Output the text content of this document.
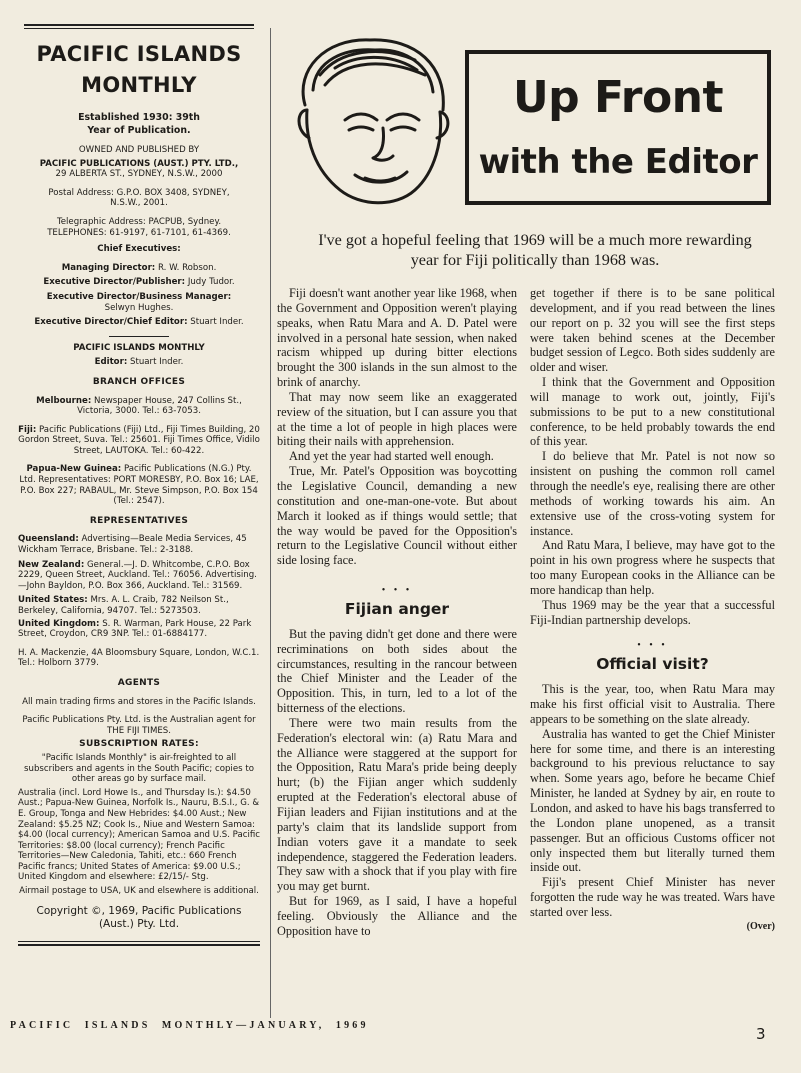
PACIFIC ISLANDS
MONTHLY
Established 1930: 39th
Year of Publication.

OWNED AND PUBLISHED BY

PACIFIC PUBLICATIONS (AUST.) PTY. LTD.,

29 ALBERTA ST., SYDNEY, N.S.W., 2000

Postal Address: G.P.O. BOX 3408, SYDNEY,
N.S.W., 2001.

Telegraphic Address: PACPUB, Sydney.

TELEPHONES: 61-9197, 61-7101, 61-4369.

Chief Executives:

Managing Director: R. W. Robson.

Executive Director/Publisher: Judy Tudor.

Executive Director/Business Manager:
Selwyn Hughes.

Executive Director/Chief Editor: Stuart Inder.

PACIFIC ISLANDS MONTHLY

Editor: Stuart Inder.

BRANCH OFFICES

Melbourne: Newspaper House, 247 Collins St., Victoria, 3000. Tel.: 63-7053.

Fiji: Pacific Publications (Fiji) Ltd., Fiji Times Building, 20 Gordon Street, Suva. Tel.: 25601. Fiji Times Office, Vidilo Street, LAUTOKA. Tel.: 60-422.

Papua-New Guinea: Pacific Publications (N.G.) Pty. Ltd. Representatives: PORT MORESBY, P.O. Box 16; LAE, P.O. Box 227; RABAUL, Mr. Steve Simpson, P.O. Box 154 (Tel.: 2547).

REPRESENTATIVES

Queensland: Advertising—Beale Media Services, 45 Wickham Terrace, Brisbane. Tel.: 2-3188.

New Zealand: General.—J. D. Whitcombe, C.P.O. Box 2229, Queen Street, Auckland. Tel.: 76056. Advertising.—John Bayldon, P.O. Box 366, Auckland. Tel.: 31569.

United States: Mrs. A. L. Craib, 782 Neilson St., Berkeley, California, 94707. Tel.: 5273503.

United Kingdom: S. R. Warman, Park House, 22 Park Street, Croydon, CR9 3NP. Tel.: 01-6884177.

H. A. Mackenzie, 4A Bloomsbury Square, London, W.C.1. Tel.: Holborn 3779.

AGENTS

All main trading firms and stores in the Pacific Islands.

Pacific Publications Pty. Ltd. is the Australian agent for THE FIJI TIMES.

SUBSCRIPTION RATES:

"Pacific Islands Monthly" is air-freighted to all subscribers and agents in the South Pacific; copies to other areas go by surface mail.

Australia (incl. Lord Howe Is., and Thursday Is.): $4.50 Aust.; Papua-New Guinea, Norfolk Is., Nauru, B.S.I., G. & E. Group, Tonga and New Hebrides: $4.00 Aust.; New Zealand: $5.25 NZ; Cook Is., Niue and Western Samoa: $4.00 (local currency); American Samoa and U.S. Pacific Territories: $8.00 (local currency); French Pacific Territories—New Caledonia, Tahiti, etc.: 660 French Pacific francs; United States of America: $9.00 U.S.; United Kingdom and elsewhere: £2/15/- Stg.

Airmail postage to USA, UK and elsewhere is additional.

Copyright ©, 1969, Pacific Publications (Aust.) Pty. Ltd.

Up Front
with the Editor
I've got a hopeful feeling that 1969 will be a much more rewarding year for Fiji politically than 1968 was.

Fiji doesn't want another year like 1968, when the Government and Opposition weren't playing speaks, when Ratu Mara and A. D. Patel were involved in a personal hate session, when naked racism whipped up during bitter elections brought the 300 islands in the sun almost to the brink of anarchy.

That may now seem like an exaggerated review of the situation, but I can assure you that at the time a lot of people in high places were biting their nails with apprehension.

And yet the year had started well enough.

True, Mr. Patel's Opposition was boycotting the Legislative Council, demanding a new constitution and one-man-one-vote. But about March it looked as if things would settle; that the way would be paved for the Opposition's return to the Legislative Council without either side losing face.

• • •

Fijian anger

But the paving didn't get done and there were recriminations on both sides about the circumstances, resulting in the rancour between the Chief Minister and the Leader of the Opposition. This, in turn, led to a lot of the bitterness of the elections.

There were two main results from the Federation's electoral win: (a) Ratu Mara and the Alliance were staggered at the support for the Opposition, Ratu Mara's pride being deeply hurt; (b) the Fijian anger which suddenly erupted at the Federation's electoral abuse of Fijian leaders and Fijian institutions and at the party's claim that its landslide support from Indian voters gave it a mandate to seek independence, staggered the Federation leaders. They saw with a shock that if you play with fire you may get burnt.

But for 1969, as I said, I have a hopeful feeling. Obviously the Alliance and the Opposition have to

get together if there is to be sane political development, and if you read between the lines our report on p. 32 you will see the first steps were taken behind scenes at the December budget session of Legco. Both sides suddenly are older and wiser.

I think that the Government and Opposition will manage to work out, jointly, Fiji's submissions to be put to a new constitutional conference, to be held probably towards the end of this year.

I do believe that Mr. Patel is not now so insistent on pushing the common roll camel through the needle's eye, realising there are other methods of working towards his aim. An extensive use of the cross-voting system for instance.

And Ratu Mara, I believe, may have got to the point in his own progress where he suspects that too many European cooks in the Alliance can be more handicap than help.

Thus 1969 may be the year that a successful Fiji-Indian partnership develops.

• • •

Official visit?

This is the year, too, when Ratu Mara may make his first official visit to Australia. There appears to be something on the slate already.

Australia has wanted to get the Chief Minister here for some time, and there is an interesting background to his previous reluctance to say when. Some years ago, before he became Chief Minister, he landed at Sydney by air, en route to London, and asked to have his bags transferred to the London plane unopened, as a transit passenger. But an officious Customs officer not only inspected them but literally turned them inside out.

Fiji's present Chief Minister has never forgotten the rude way he was treated. Wars have started over less.

(Over)
PACIFIC  ISLANDS  MONTHLY—JANUARY,  1969	3
